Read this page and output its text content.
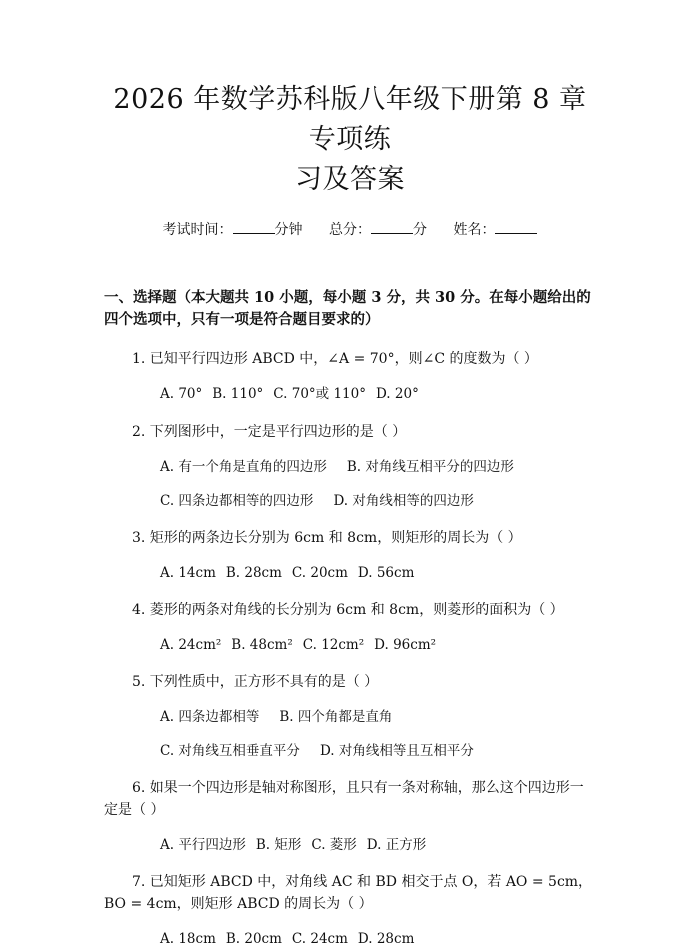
2026 年数学苏科版八年级下册第 8 章专项练
习及答案
考试时间：	分钟 总分：	分 姓名：

一、选择题（本大题共 10 小题，每小题 3 分，共 30 分。在每小题给出的四个选项中，只有一项是符合题目要求的）

1. 已知平行四边形 ABCD 中，∠A = 70°，则∠C 的度数为（ ）
A. 70° B. 110° C. 70°或 110° D. 20°
2. 下列图形中，一定是平行四边形的是（ ）
A. 有一个角是直角的四边形 B. 对角线互相平分的四边形
C. 四条边都相等的四边形 D. 对角线相等的四边形
3. 矩形的两条边长分别为 6cm 和 8cm，则矩形的周长为（ ）
A. 14cm B. 28cm C. 20cm D. 56cm
4. 菱形的两条对角线的长分别为 6cm 和 8cm，则菱形的面积为（ ）
A. 24cm² B. 48cm² C. 12cm² D. 96cm²
5. 下列性质中，正方形不具有的是（ ）
A. 四条边都相等 B. 四个角都是直角
C. 对角线互相垂直平分 D. 对角线相等且互相平分
6. 如果一个四边形是轴对称图形，且只有一条对称轴，那么这个四边形一定是（ ）
A. 平行四边形 B. 矩形 C. 菱形 D. 正方形
7. 已知矩形 ABCD 中，对角线 AC 和 BD 相交于点 O，若 AO = 5cm，BO = 4cm，则矩形 ABCD 的周长为（ ）
A. 18cm B. 20cm C. 24cm D. 28cm
